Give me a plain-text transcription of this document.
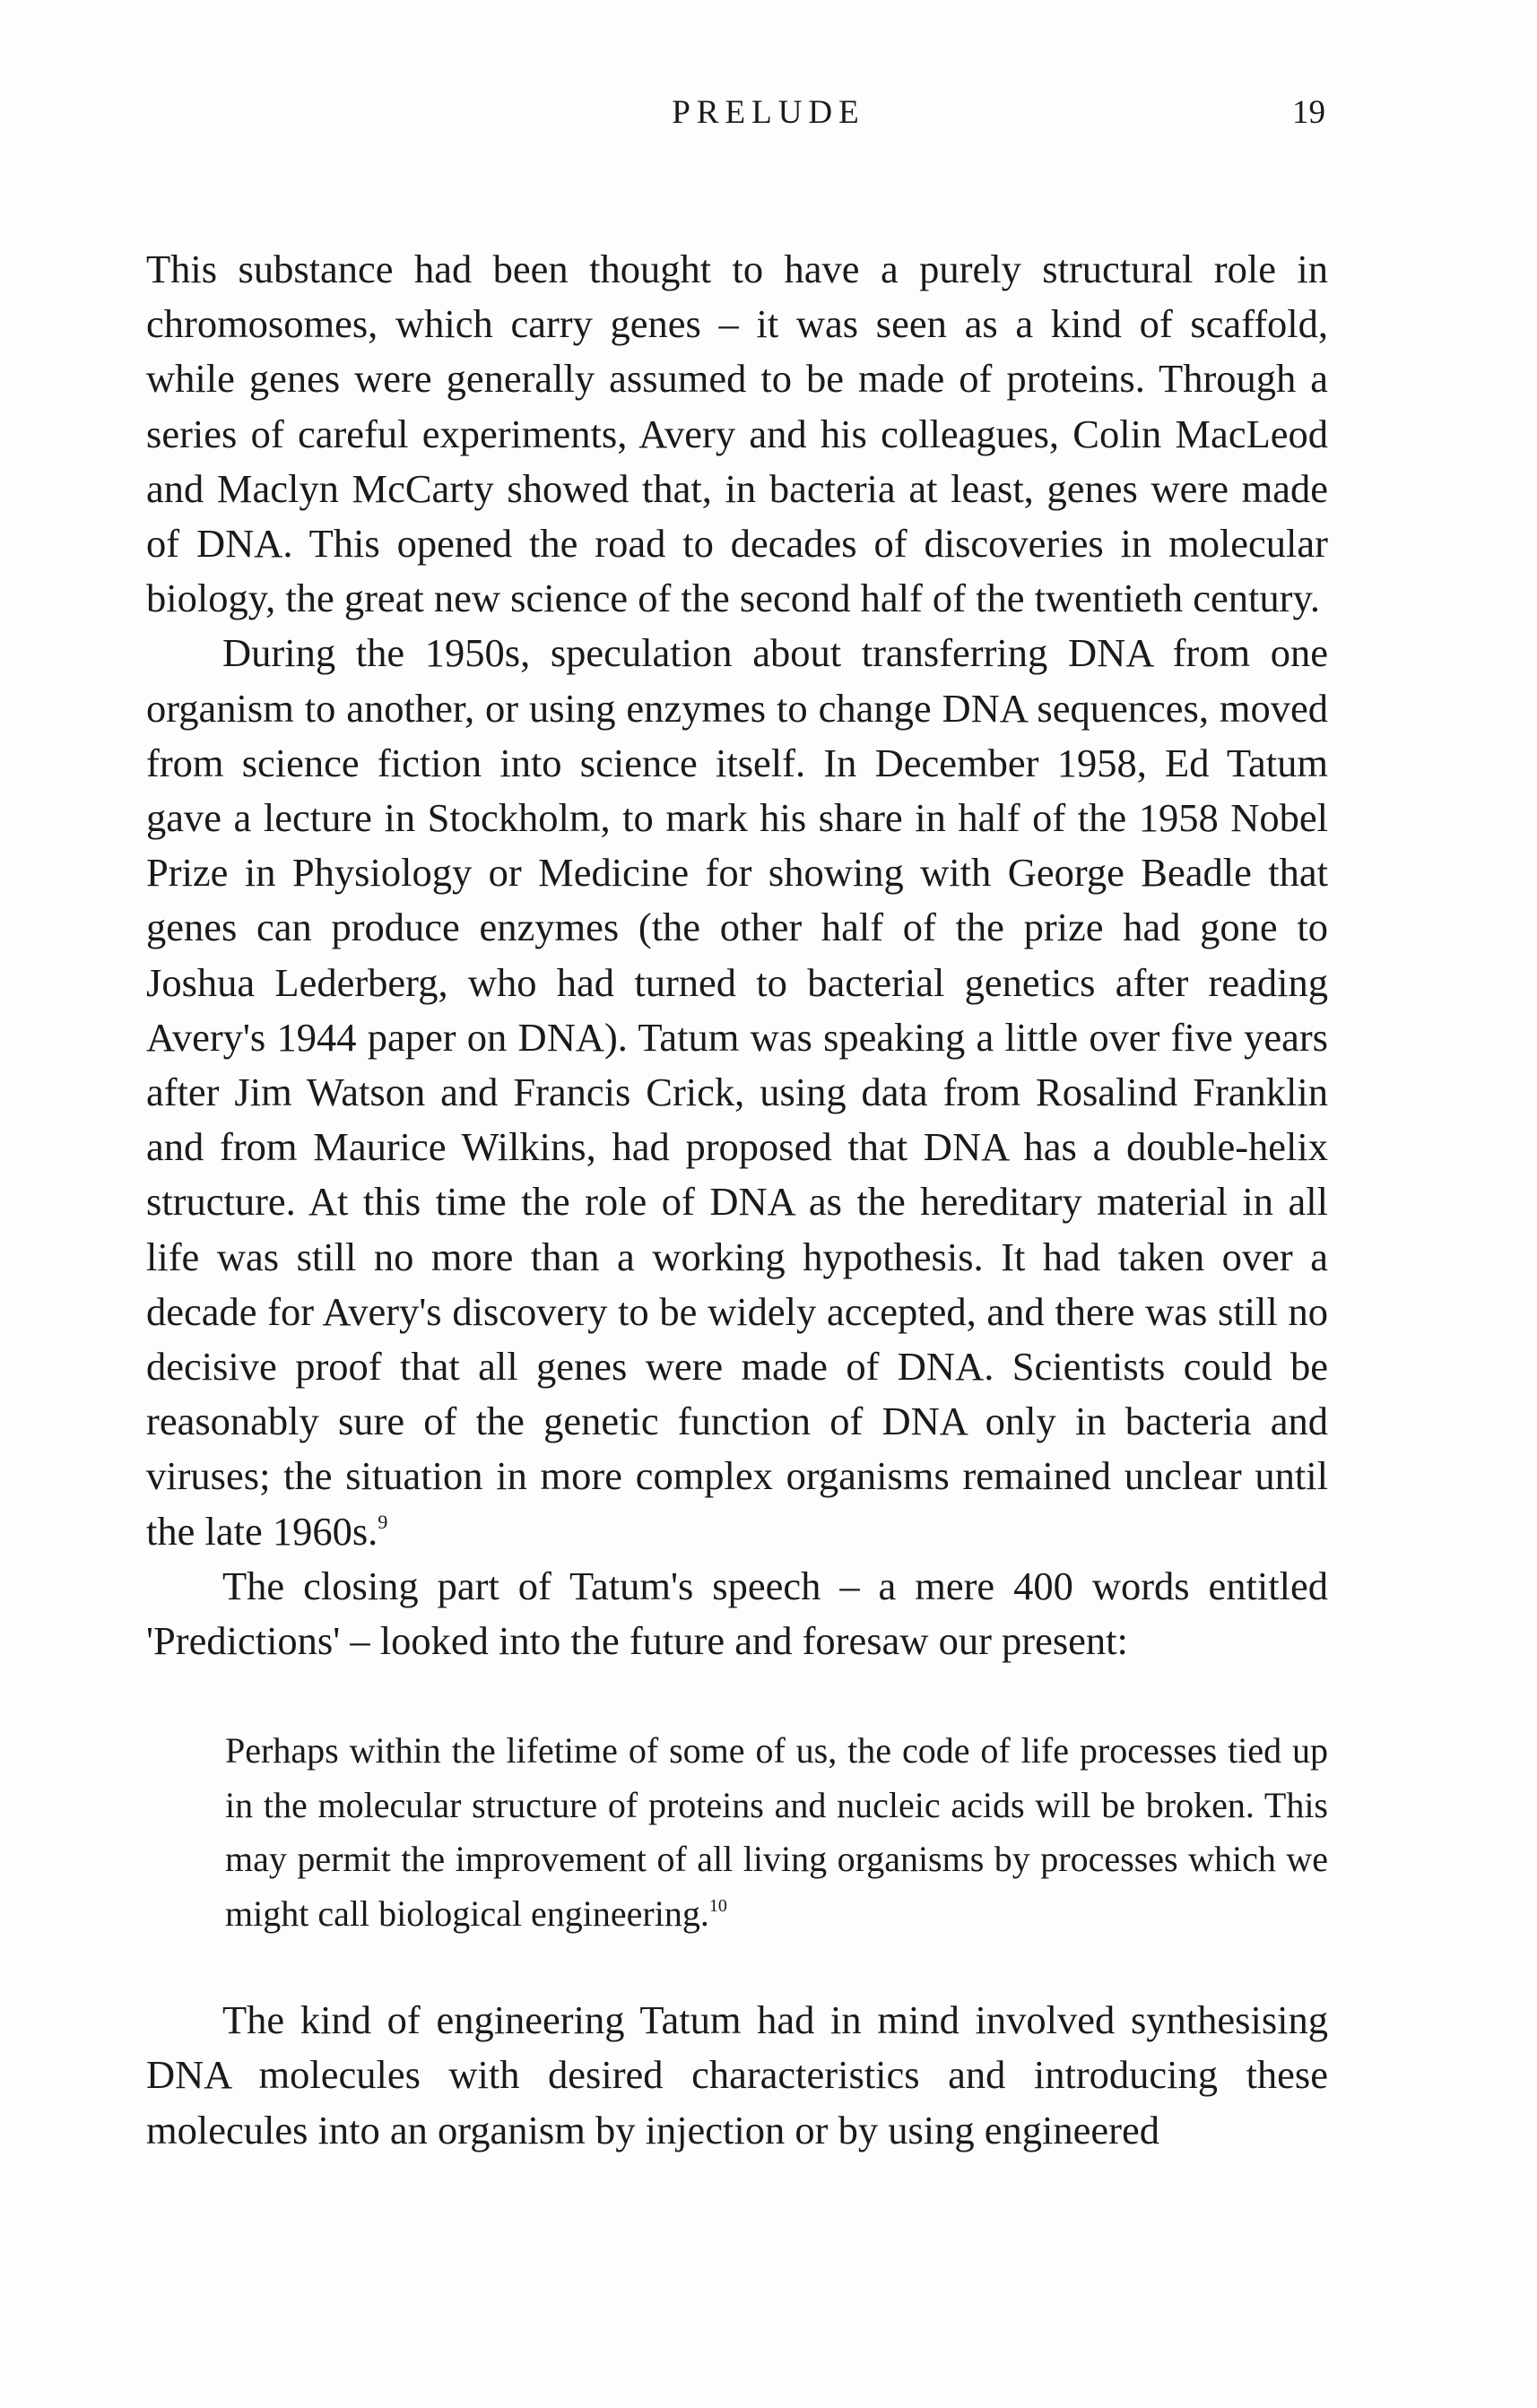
PRELUDE	19

This substance had been thought to have a purely structural role in chromosomes, which carry genes – it was seen as a kind of scaffold, while genes were generally assumed to be made of proteins. Through a series of careful experiments, Avery and his colleagues, Colin MacLeod and Maclyn McCarty showed that, in bacteria at least, genes were made of DNA. This opened the road to decades of discoveries in molecular biology, the great new science of the second half of the twentieth century.

During the 1950s, speculation about transferring DNA from one organism to another, or using enzymes to change DNA sequences, moved from science fiction into science itself. In December 1958, Ed Tatum gave a lecture in Stockholm, to mark his share in half of the 1958 Nobel Prize in Physiology or Medicine for showing with George Beadle that genes can produce enzymes (the other half of the prize had gone to Joshua Lederberg, who had turned to bacterial genetics after reading Avery's 1944 paper on DNA). Tatum was speaking a little over five years after Jim Watson and Francis Crick, using data from Rosalind Franklin and from Maurice Wilkins, had proposed that DNA has a double-helix structure. At this time the role of DNA as the hereditary material in all life was still no more than a working hypothesis. It had taken over a decade for Avery's discovery to be widely accepted, and there was still no decisive proof that all genes were made of DNA. Scientists could be reasonably sure of the genetic function of DNA only in bacteria and viruses; the situation in more complex organisms remained unclear until the late 1960s.$^9$

The closing part of Tatum's speech – a mere 400 words entitled 'Predictions' – looked into the future and foresaw our present:

Perhaps within the lifetime of some of us, the code of life processes tied up in the molecular structure of proteins and nucleic acids will be broken. This may permit the improvement of all living organisms by processes which we might call biological engineering.$^{10}$

The kind of engineering Tatum had in mind involved synthesising DNA molecules with desired characteristics and introducing these molecules into an organism by injection or by using engineered
